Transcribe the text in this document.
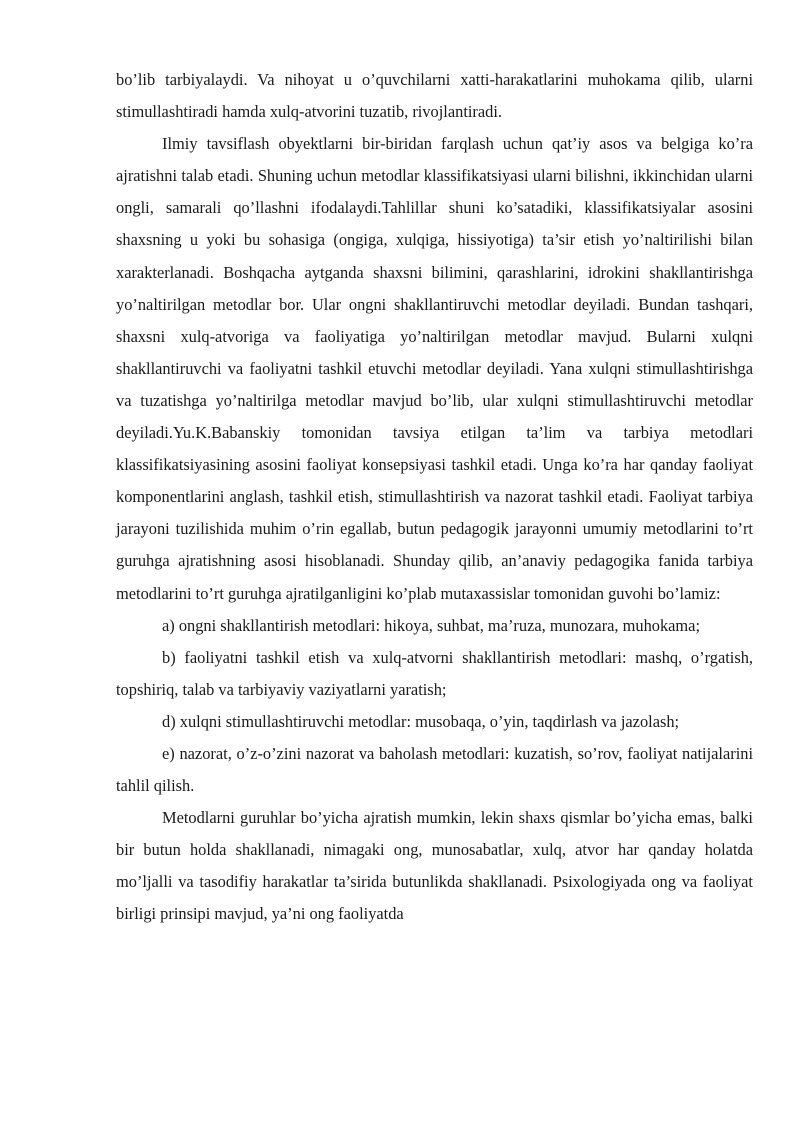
bo’lib tarbiyalaydi. Va nihoyat u o’quvchilarni xatti-harakatlarini muhokama qilib, ularni stimullashtiradi hamda xulq-atvorini tuzatib, rivojlantiradi.

Ilmiy tavsiflash obyektlarni bir-biridan farqlash uchun qat’iy asos va belgiga ko’ra ajratishni talab etadi. Shuning uchun metodlar klassifikatsiyasi ularni bilishni, ikkinchidan ularni ongli, samarali qo’llashni ifodalaydi.Tahlillar shuni ko’satadiki, klassifikatsiyalar asosini shaxsning u yoki bu sohasiga (ongiga, xulqiga, hissiyotiga) ta’sir etish yo’naltirilishi bilan xarakterlanadi. Boshqacha aytganda shaxsni bilimini, qarashlarini, idrokini shakllantirishga yo’naltirilgan metodlar bor. Ular ongni shakllantiruvchi metodlar deyiladi. Bundan tashqari, shaxsni xulq-atvoriga va faoliyatiga yo’naltirilgan metodlar mavjud. Bularni xulqni shakllantiruvchi va faoliyatni tashkil etuvchi metodlar deyiladi. Yana xulqni stimullashtirishga va tuzatishga yo’naltirilga metodlar mavjud bo’lib, ular xulqni stimullashtiruvchi metodlar deyiladi.Yu.K.Babanskiy tomonidan tavsiya etilgan ta’lim va tarbiya metodlari klassifikatsiyasining asosini faoliyat konsepsiyasi tashkil etadi. Unga ko’ra har qanday faoliyat komponentlarini anglash, tashkil etish, stimullashtirish va nazorat tashkil etadi. Faoliyat tarbiya jarayoni tuzilishida muhim o’rin egallab, butun pedagogik jarayonni umumiy metodlarini to’rt guruhga ajratishning asosi hisoblanadi. Shunday qilib, an’anaviy pedagogika fanida tarbiya metodlarini to’rt guruhga ajratilganligini ko’plab mutaxassislar tomonidan guvohi bo’lamiz:

a) ongni shakllantirish metodlari: hikoya, suhbat, ma’ruza, munozara, muhokama;

b) faoliyatni tashkil etish va xulq-atvorni shakllantirish metodlari: mashq, o’rgatish, topshiriq, talab va tarbiyaviy vaziyatlarni yaratish;

d) xulqni stimullashtiruvchi metodlar: musobaqa, o’yin, taqdirlash va jazolash;

e) nazorat, o’z-o’zini nazorat va baholash metodlari: kuzatish, so’rov, faoliyat natijalarini tahlil qilish.

Metodlarni guruhlar bo’yicha ajratish mumkin, lekin shaxs qismlar bo’yicha emas, balki bir butun holda shakllanadi, nimagaki ong, munosabatlar, xulq, atvor har qanday holatda mo’ljalli va tasodifiy harakatlar ta’sirida butunlikda shakllanadi. Psixologiyada ong va faoliyat birligi prinsipi mavjud, ya’ni ong faoliyatda
